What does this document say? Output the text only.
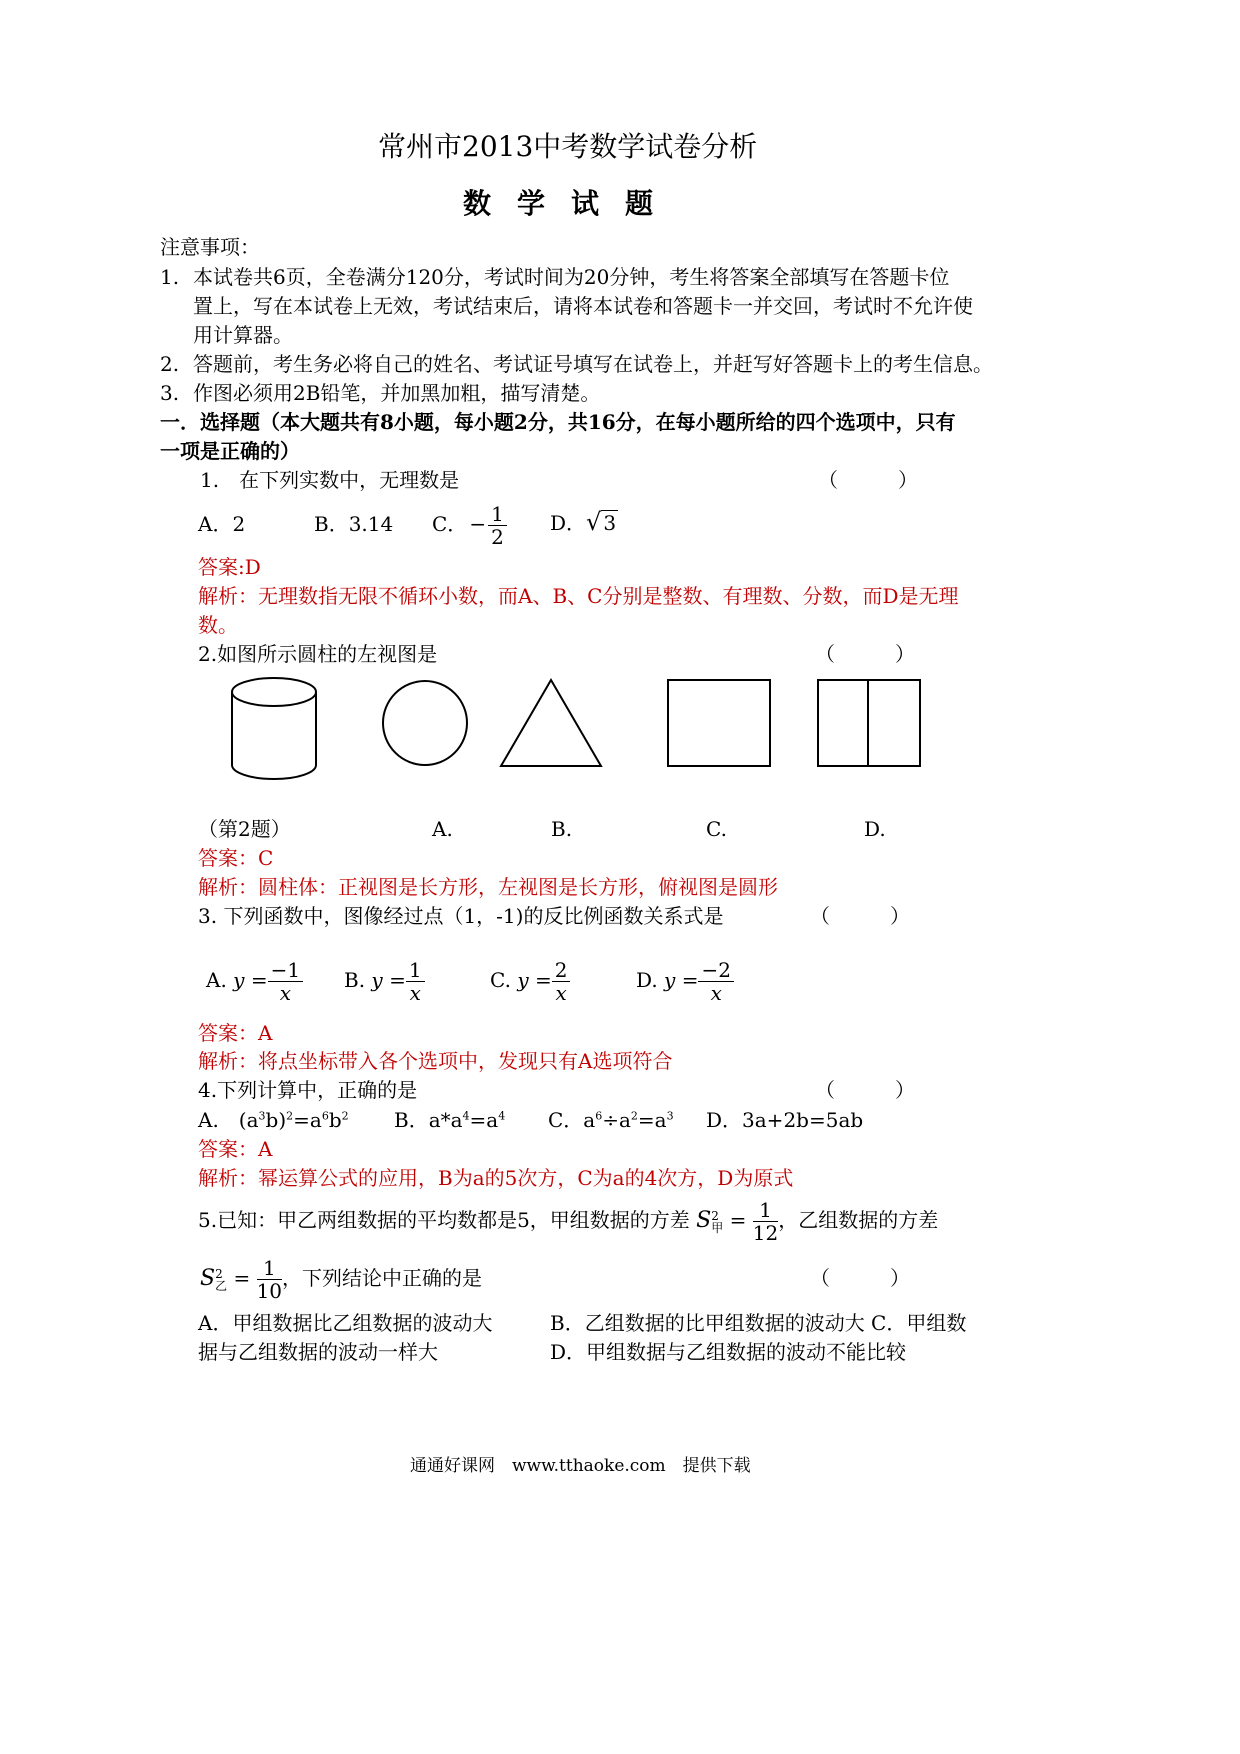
常州市2013中考数学试卷分析
数学试题
注意事项：
1. 本试卷共6页，全卷满分120分，考试时间为20分钟，考生将答案全部填写在答题卡位
置上，写在本试卷上无效，考试结束后，请将本试卷和答题卡一并交回，考试时不允许使
用计算器。
2. 答题前，考生务必将自己的姓名、考试证号填写在试卷上，并赶写好答题卡上的考生信息。
3. 作图必须用2B铅笔，并加黑加粗，描写清楚。
一．选择题（本大题共有8小题，每小题2分，共16分，在每小题所给的四个选项中，只有
一项是正确的）
1.　在下列实数中，无理数是	（　　　）
A．2	B．3.14 C． − $\frac{1}{2}$ D．√ 3
答案:D
解析：无理数指无限不循环小数，而A、B、C分别是整数、有理数、分数，而D是无理
数。
2.如图所示圆柱的左视图是	（　　　）
（第2题）	A.	B.	C.	D.
答案：C
解析：圆柱体：正视图是长方形，左视图是长方形，俯视图是圆形
3. 下列函数中，图像经过点（1，-1)的反比例函数关系式是	（　　　）
A. $y = \frac{-1}{x} B$. $y = \frac{1}{x}$	C. $y = \frac{2}{x}$	D. $y = \frac{-2}{x}$
答案：A
解析：将点坐标带入各个选项中，发现只有A选项符合
4.下列计算中，正确的是	（　　　）
A.　$(a^3b)^2=a^6b^2$ B．$a*a^4=a^4$ C．$a^6\div a^2=a^3$ D．3a+2b=5ab
答案：A
解析：幂运算公式的应用，B为a的5次方，C为a的4次方，D为原式
5.已知：甲乙两组数据的平均数都是5，甲组数据的方差 S 2
甲 = $\frac{1}{12}$ ，乙组数据的方差
S 2
乙 = $\frac{1}{10}$ ，下列结论中正确的是	（　　　）
A．甲组数据比乙组数据的波动大	B．乙组数据的比甲组数据的波动大 C．甲组数
据与乙组数据的波动一样大	D．甲组数据与乙组数据的波动不能比较
通通好课网　www.tthaoke.com　提供下载
